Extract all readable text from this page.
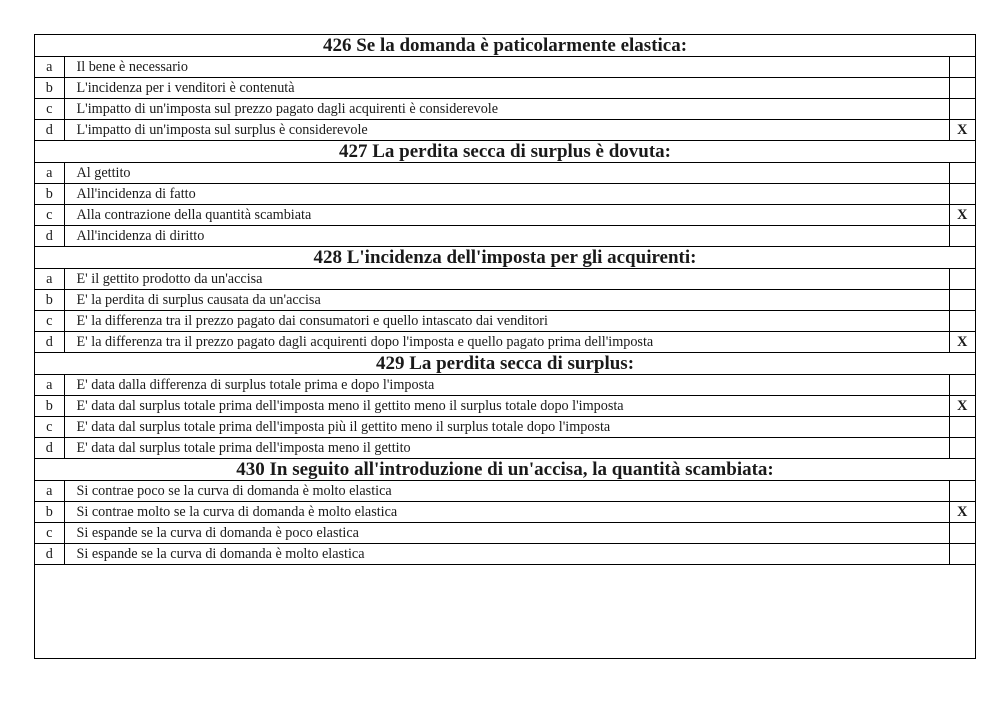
426 Se la domanda è paticolarmente elastica:		
a	Il bene è necessario	
b	L'incidenza per i venditori è contenutà	
c	L'impatto di un'imposta sul prezzo pagato dagli acquirenti è considerevole	
d	L'impatto di un'imposta sul surplus è considerevole	X
427 La perdita secca di surplus è dovuta:		
a	Al gettito	
b	All'incidenza di fatto	
c	Alla contrazione della quantità scambiata	X
d	All'incidenza di diritto	
428 L'incidenza dell'imposta per gli acquirenti:		
a	E' il gettito prodotto da un'accisa	
b	E' la perdita di surplus causata da un'accisa	
c	E' la differenza tra il prezzo pagato dai consumatori e quello intascato dai venditori	
d	E' la differenza tra il prezzo pagato dagli acquirenti dopo l'imposta e quello pagato prima dell'imposta	X
429 La perdita secca di surplus:		
a	E' data dalla differenza di surplus totale prima e dopo l'imposta	
b	E' data dal surplus totale prima dell'imposta meno il gettito meno il surplus totale dopo l'imposta	X
c	E' data dal surplus totale prima dell'imposta più il gettito meno il surplus totale dopo l'imposta	
d	E' data dal surplus totale prima dell'imposta meno il gettito	
430 In seguito all'introduzione di un'accisa, la quantità scambiata:		
a	Si contrae poco se la curva di domanda è molto elastica	
b	Si contrae molto se la curva di domanda è molto elastica	X
c	Si espande se la curva di domanda è poco elastica	
d	Si espande se la curva di domanda è molto elastica	
